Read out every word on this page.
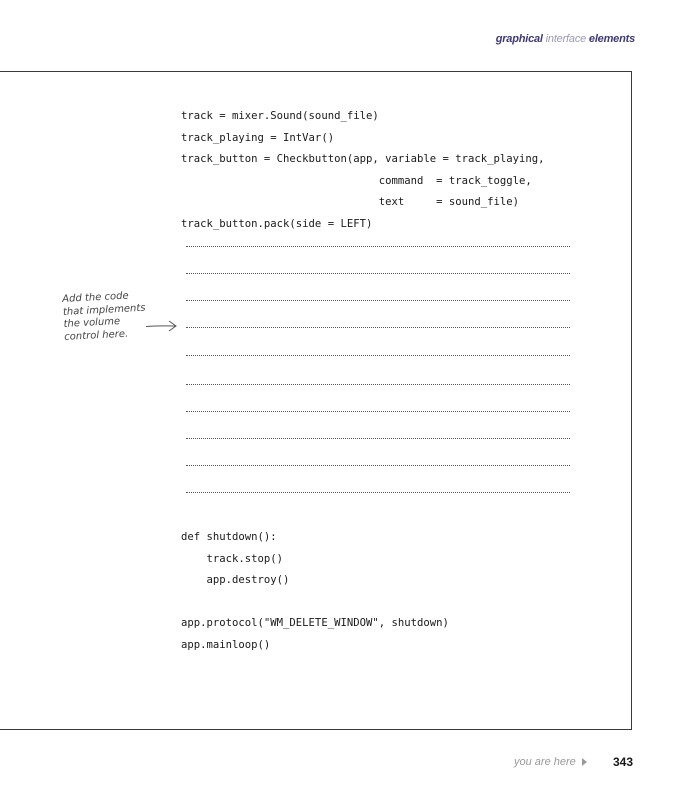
graphical interface elements
track = mixer.Sound(sound_file)
track_playing = IntVar()
track_button = Checkbutton(app, variable = track_playing,
command  = track_toggle,
text     = sound_file)
track_button.pack(side = LEFT)
def shutdown():
track.stop()
app.destroy()
app.protocol("WM_DELETE_WINDOW", shutdown)
app.mainloop()
Add the code
that implements
the volume
control here.
you are here	343
